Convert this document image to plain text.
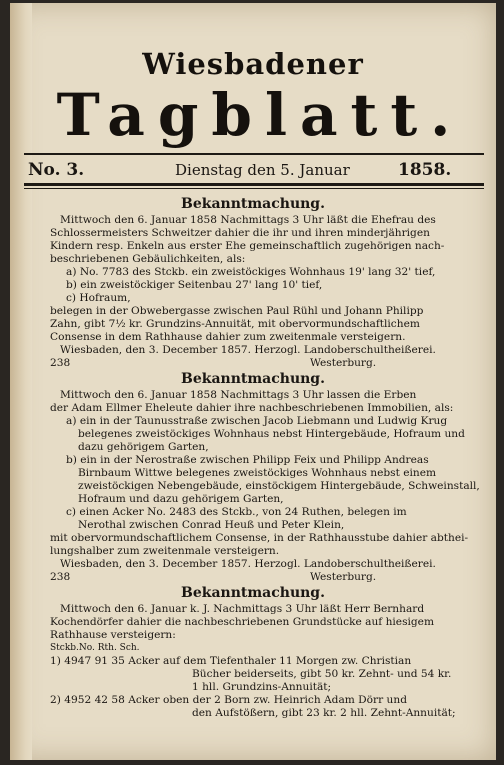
Wiesbadener
Tagblatt.
No. 3.	Dienstag den 5. Januar	1858.
Bekanntmachung.
Mittwoch den 6. Januar 1858 Nachmittags 3 Uhr läßt die Ehefrau des
Schlossermeisters Schweitzer dahier die ihr und ihren minderjährigen
Kindern resp. Enkeln aus erster Ehe gemeinschaftlich zugehörigen nach-
beschriebenen Gebäulichkeiten, als:
a) No. 7783 des Stckb. ein zweistöckiges Wohnhaus 19' lang 32' tief,
b) ein zweistöckiger Seitenbau 27' lang 10' tief,
c) Hofraum,
belegen in der Obwebergasse zwischen Paul Rühl und Johann Philipp
Zahn, gibt 7½ kr. Grundzins-Annuität, mit obervormundschaftlichem
Consense in dem Rathhause dahier zum zweitenmale versteigern.
Wiesbaden, den 3. December 1857. Herzogl. Landoberschultheißerei.
238	Westerburg.
Bekanntmachung.
Mittwoch den 6. Januar 1858 Nachmittags 3 Uhr lassen die Erben
der Adam Ellmer Eheleute dahier ihre nachbeschriebenen Immobilien, als:
a) ein in der Taunusstraße zwischen Jacob Liebmann und Ludwig Krug
belegenes zweistöckiges Wohnhaus nebst Hintergebäude, Hofraum und
dazu gehörigem Garten,
b) ein in der Nerostraße zwischen Philipp Feix und Philipp Andreas
Birnbaum Wittwe belegenes zweistöckiges Wohnhaus nebst einem
zweistöckigen Nebengebäude, einstöckigem Hintergebäude, Schweinstall,
Hofraum und dazu gehörigem Garten,
c) einen Acker No. 2483 des Stckb., von 24 Ruthen, belegen im
Nerothal zwischen Conrad Heuß und Peter Klein,
mit obervormundschaftlichem Consense, in der Rathhausstube dahier abthei-
lungshalber zum zweitenmale versteigern.
Wiesbaden, den 3. December 1857. Herzogl. Landoberschultheißerei.
238	Westerburg.
Bekanntmachung.
Mittwoch den 6. Januar k. J. Nachmittags 3 Uhr läßt Herr Bernhard
Kochendörfer dahier die nachbeschriebenen Grundstücke auf hiesigem
Rathhause versteigern:
Stckb.No. Rth. Sch.
1) 4947 91 35 Acker auf dem Tiefenthaler 11 Morgen zw. Christian
Bücher beiderseits, gibt 50 kr. Zehnt- und 54 kr.
1 hll. Grundzins-Annuität;
2) 4952 42 58 Acker oben der 2 Born zw. Heinrich Adam Dörr und
den Aufstößern, gibt 23 kr. 2 hll. Zehnt-Annuität;
